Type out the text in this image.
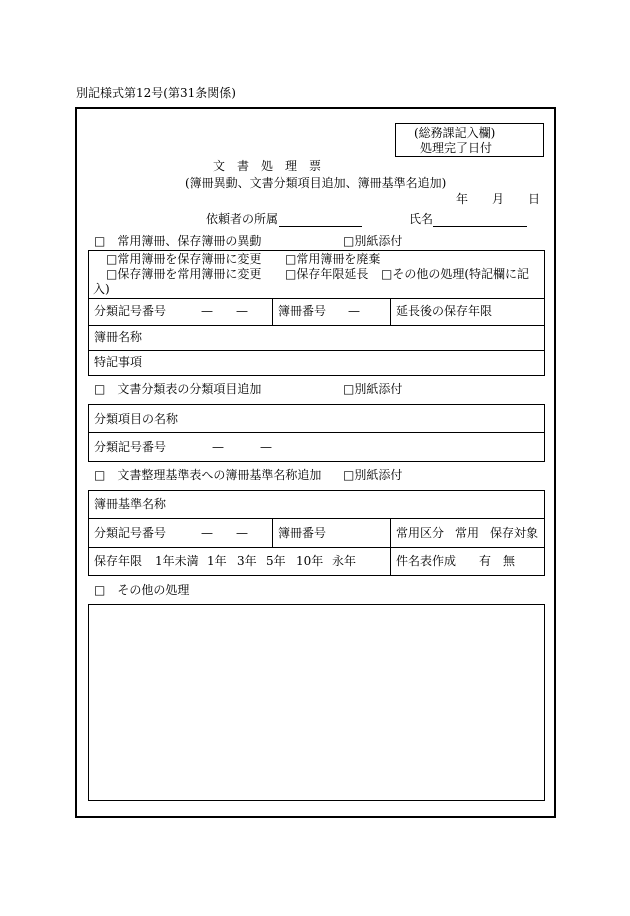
別記様式第12号(第31条関係)
(総務課記入欄)
処理完了日付
文　書　処　理　票
(簿冊異動、文書分類項目追加、簿冊基準名追加)
年 月 日
依頼者の所属	氏名
□　常用簿冊、保存簿冊の異動	□別紙添付
□常用簿冊を保存簿冊に変更 □常用簿冊を廃棄
□保存簿冊を常用簿冊に変更 □保存年限延長 □その他の処理(特記欄に記
入)
分類記号番号	— —	簿冊番号 —	延長後の保存年限
簿冊名称
特記事項
□　文書分類表の分類項目追加	□別紙添付
分類項目の名称
分類記号番号	—	—
□　文書整理基準表への簿冊基準名称追加 □別紙添付
簿冊基準名称
分類記号番号	— —	簿冊番号	常用区分 常用 保存対象
保存年限 1年未満 1年 3年 5年 10年 永年	件名表作成 有 無
□　その他の処理
